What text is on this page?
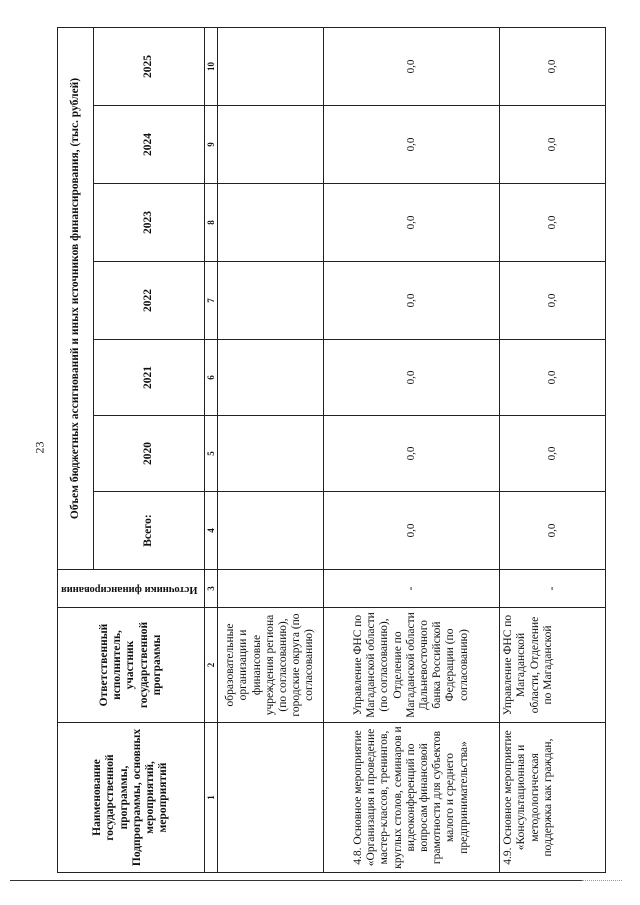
23
Наименование государственной программы, Подпрограммы, основных мероприятий, мероприятий	Ответственный исполнитель, участник государственной программы	Источники финансирования	Объем бюджетных ассигнований и иных источников финансирования, (тыс. рублей)						
			Всего:	2020	2021	2022	2023	2024	2025
1	2	3	4	5	6	7	8	9	10
	образовательные организации и финансовые учреждения региона (по согласованию), городские округа (по согласованию)								
4.8. Основное мероприятие «Организация и проведение мастер-классов, тренингов, круглых столов, семинаров и видеоконференций по вопросам финансовой грамотности для субъектов малого и среднего предпринимательства»	Управление ФНС по Магаданской области (по согласованию), Отделение по Магаданской области Дальневосточного банка Российской Федерации (по согласованию)	-	0,0	0,0	0,0	0,0	0,0	0,0	0,0
4.9. Основное мероприятие «Консультационная и методологическая поддержка как граждан,	Управление ФНС по Магаданской области, Отделение по Магаданской	-	0,0	0,0	0,0	0,0	0,0	0,0	0,0
